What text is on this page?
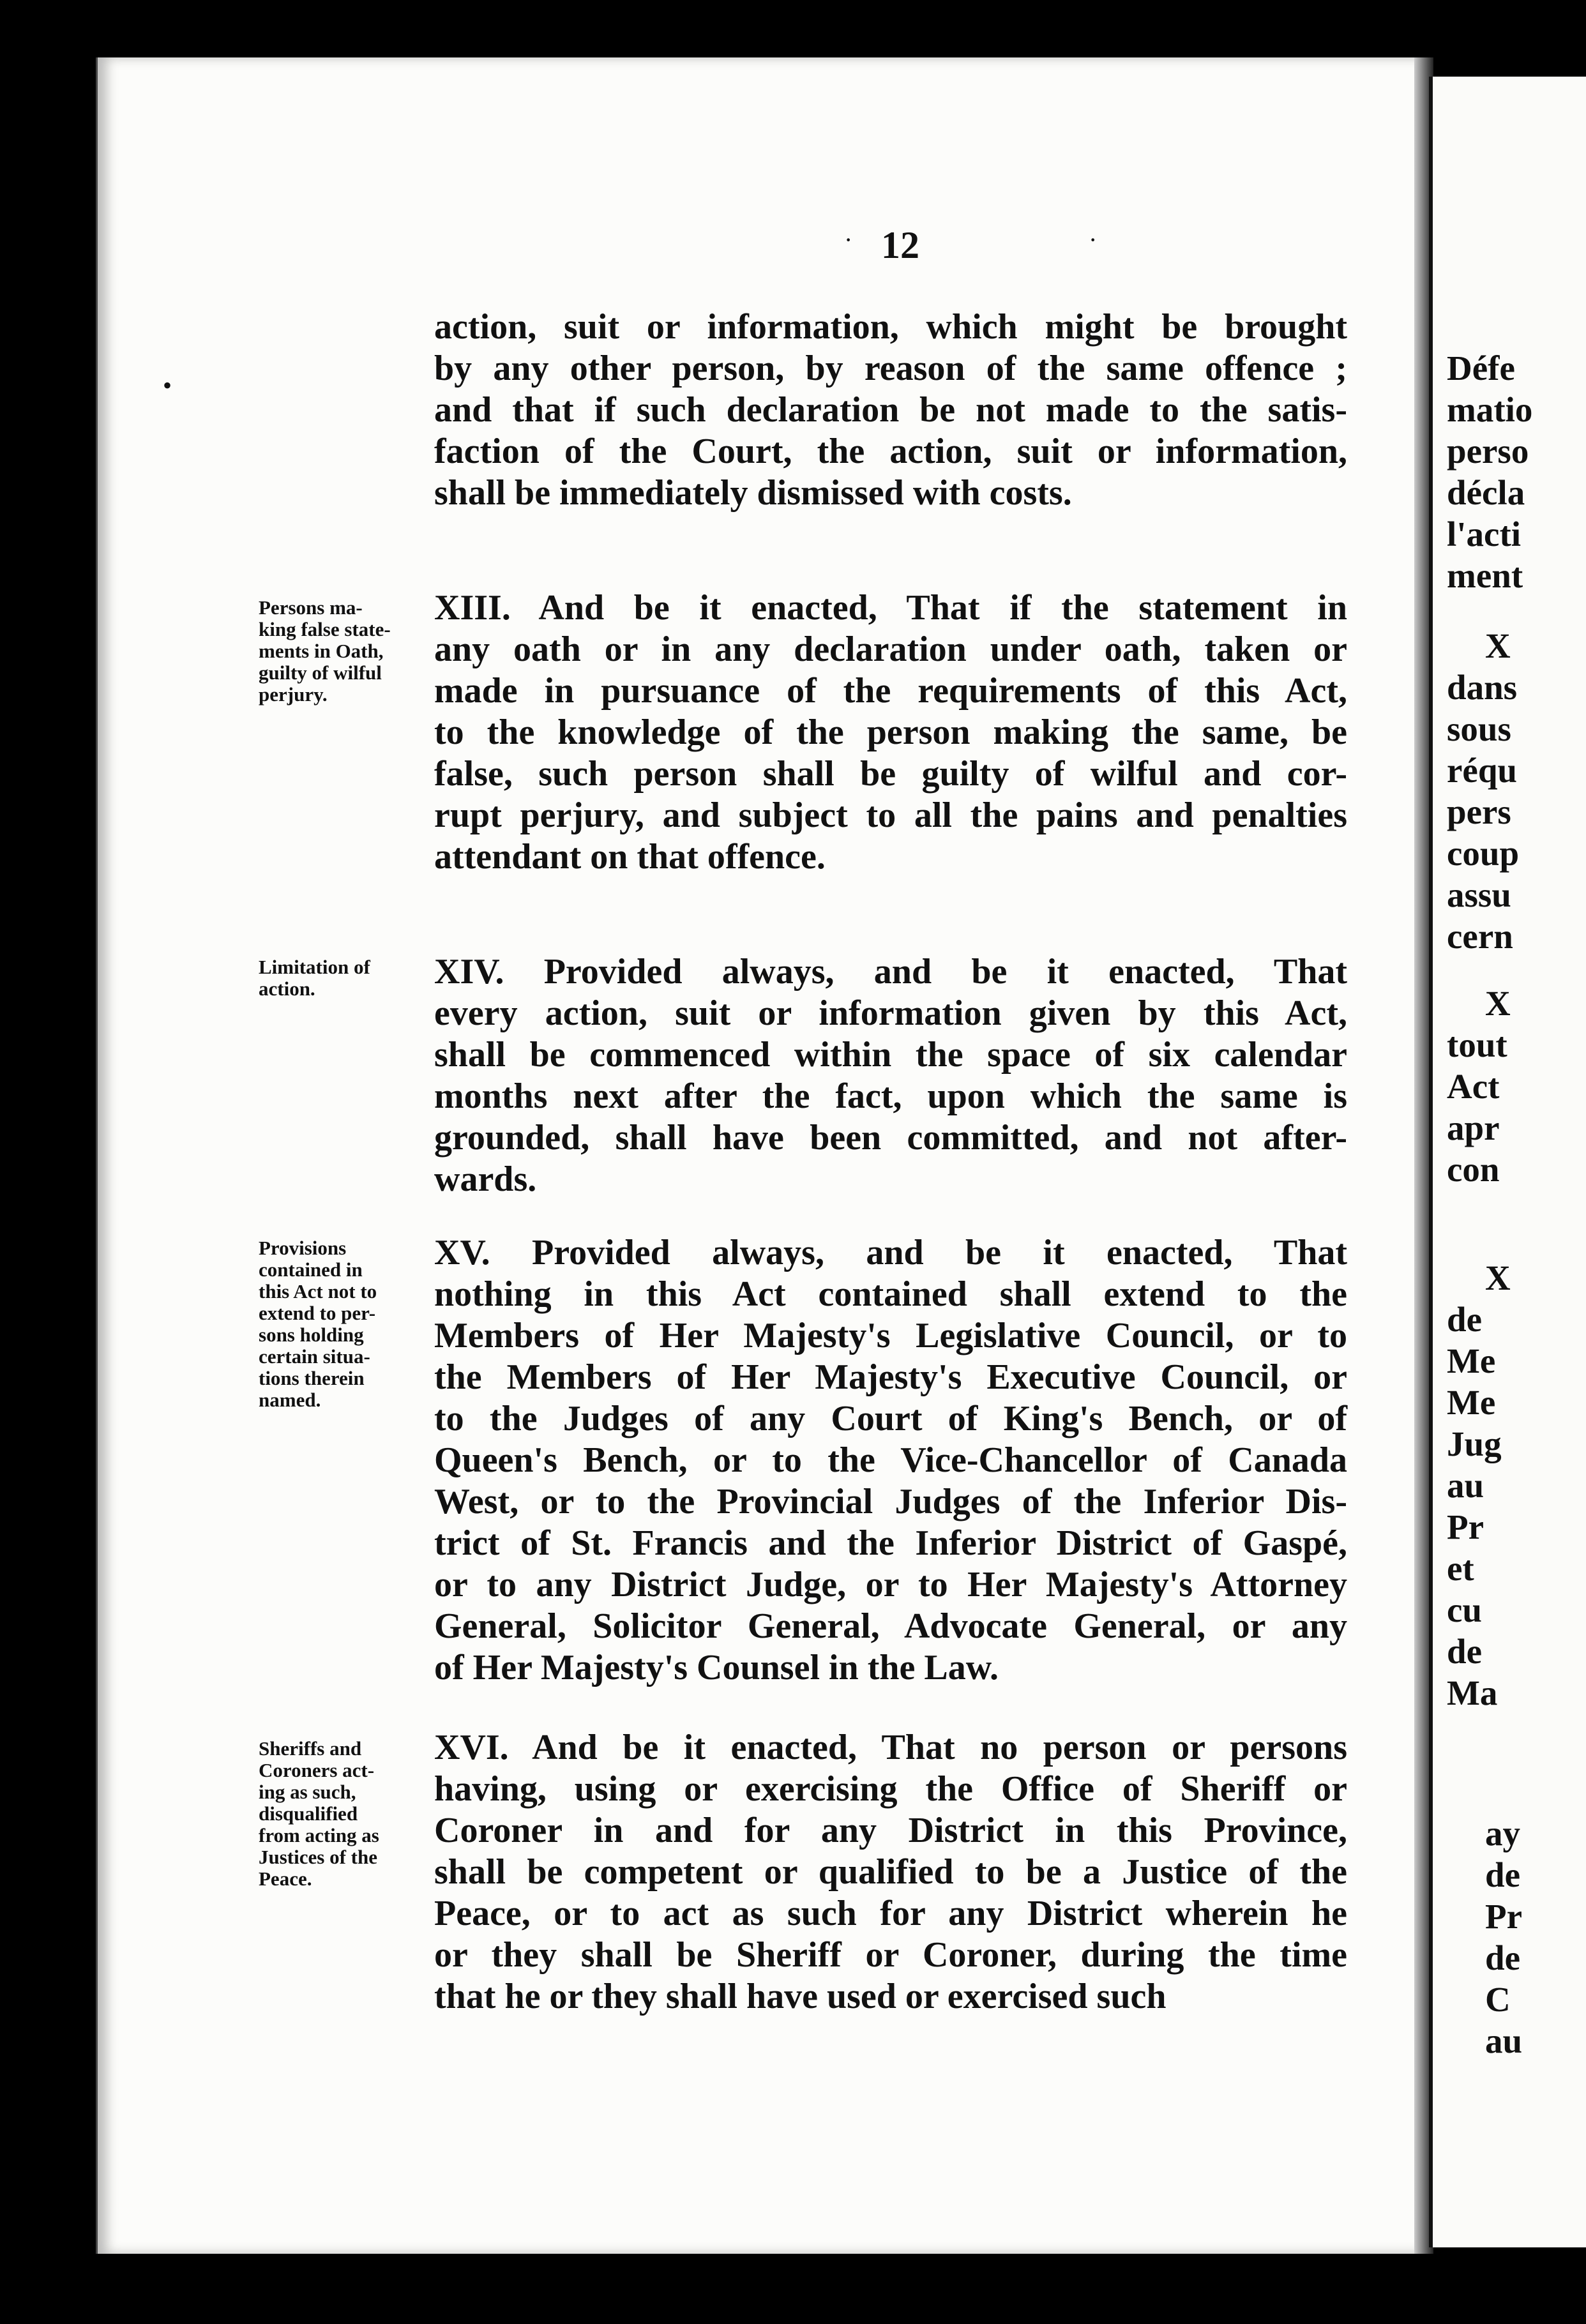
Défe
matio
perso
décla
l'acti
ment
X
dans
sous
réqu
pers
coup
assu
cern
X
tout
Act
apr
con
X
de
Me
Me
Jug
au
Pr
et
cu
de
Ma
ay
de
Pr
de
C
au
·	·
•
12
action, suit or information, which might be brought
by any other person, by reason of the same offence ;
and that if such declaration be not made to the satis-
faction of the Court, the action, suit or information,
shall be immediately dismissed with costs.
XIII. And be it enacted, That if the statement in
any oath or in any declaration under oath, taken or
made in pursuance of the requirements of this Act,
to the knowledge of the person making the same, be
false, such person shall be guilty of wilful and cor-
rupt perjury, and subject to all the pains and penalties
attendant on that offence.
XIV. Provided always, and be it enacted, That
every action, suit or information given by this Act,
shall be commenced within the space of six calendar
months next after the fact, upon which the same is
grounded, shall have been committed, and not after-
wards.
XV. Provided always, and be it enacted, That
nothing in this Act contained shall extend to the
Members of Her Majesty's Legislative Council, or to
the Members of Her Majesty's Executive Council, or
to the Judges of any Court of King's Bench, or of
Queen's Bench, or to the Vice-Chancellor of Canada
West, or to the Provincial Judges of the Inferior Dis-
trict of St. Francis and the Inferior District of Gaspé,
or to any District Judge, or to Her Majesty's Attorney
General, Solicitor General, Advocate General, or any
of Her Majesty's Counsel in the Law.
XVI. And be it enacted, That no person or persons
having, using or exercising the Office of Sheriff or
Coroner in and for any District in this Province,
shall be competent or qualified to be a Justice of the
Peace, or to act as such for any District wherein he
or they shall be Sheriff or Coroner, during the time
that he or they shall have used or exercised such
Persons ma-
king false state-
ments in Oath,
guilty of wilful
perjury.
Limitation of
action.
Provisions
contained in
this Act not to
extend to per-
sons holding
certain situa-
tions therein
named.
Sheriffs and
Coroners act-
ing as such,
disqualified
from acting as
Justices of the
Peace.
